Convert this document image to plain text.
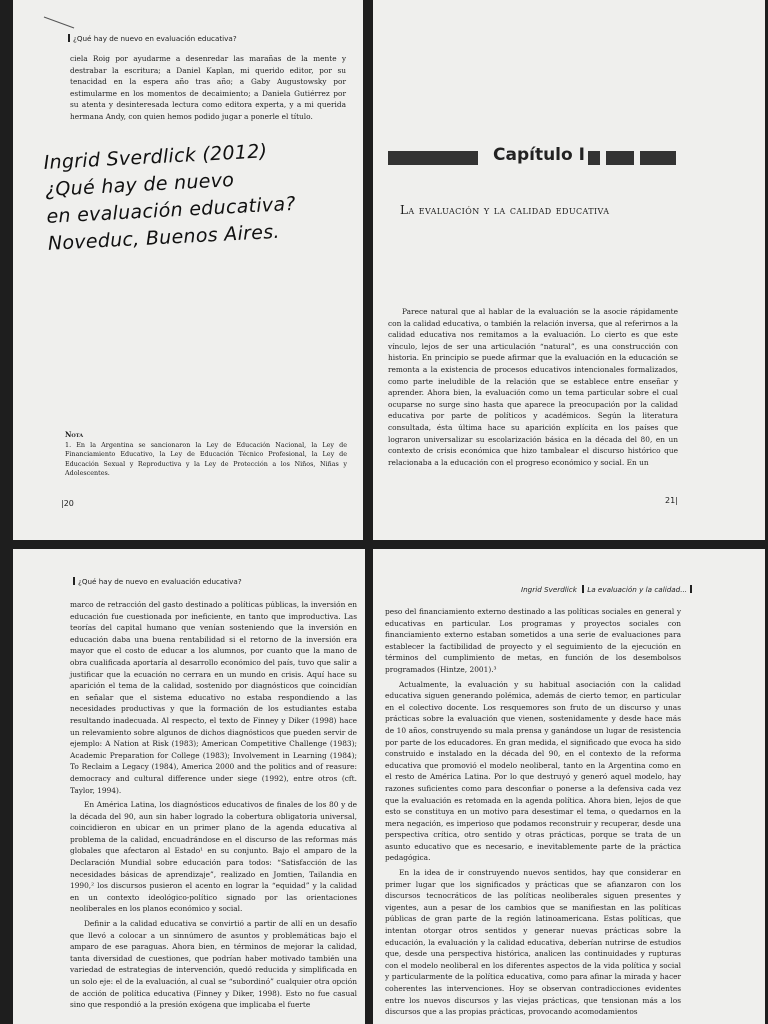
¿Qué hay de nuevo en evaluación educativa?

ciela Roig por ayudarme a desenredar las marañas de la mente y destrabar la escritura; a Daniel Kaplan, mi querido editor, por su tenacidad en la espera año tras año; a Gaby Augustowsky por estimularme en los momentos de decaimiento; a Daniela Gutiérrez por su atenta y desinteresada lectura como editora experta, y a mi querida hermana Andy, con quien hemos podido jugar a ponerle el título.

Ingrid Sverdlick (2012)
¿Qué hay de nuevo
en evaluación educativa?
Noveduc, Buenos Aires.
Nota
1. En la Argentina se sancionaron la Ley de Educación Nacional, la Ley de Financiamiento Educativo, la Ley de Educación Técnico Profesional, la Ley de Educación Sexual y Reproductiva y la Ley de Protección a los Niños, Niñas y Adolescentes.
|20
Capítulo I
La evaluación y la calidad educativa

Parece natural que al hablar de la evaluación se la asocie rápidamente con la calidad educativa, o también la relación inversa, que al referirnos a la calidad educativa nos remitamos a la evaluación. Lo cierto es que este vínculo, lejos de ser una articulación “natural”, es una construcción con historia. En principio se puede afirmar que la evaluación en la educación se remonta a la existencia de procesos educativos intencionales formalizados, como parte ineludible de la relación que se establece entre enseñar y aprender. Ahora bien, la evaluación como un tema particular sobre el cual ocuparse no surge sino hasta que aparece la preocupación por la calidad educativa por parte de políticos y académicos. Según la literatura consultada, ésta última hace su aparición explícita en los países que lograron universalizar su escolarización básica en la década del 80, en un contexto de crisis económica que hizo tambalear el discurso histórico que relacionaba a la educación con el progreso económico y social. En un

21|
¿Qué hay de nuevo en evaluación educativa?

marco de retracción del gasto destinado a políticas públicas, la inversión en educación fue cuestionada por ineficiente, en tanto que improductiva. Las teorías del capital humano que venían sosteniendo que la inversión en educación daba una buena rentabilidad si el retorno de la inversión era mayor que el costo de educar a los alumnos, por cuanto que la mano de obra cualificada aportaría al desarrollo económico del país, tuvo que salir a justificar que la ecuación no cerrara en un mundo en crisis. Aquí hace su aparición el tema de la calidad, sostenido por diagnósticos que coincidían en señalar que el sistema educativo no estaba respondiendo a las necesidades productivas y que la formación de los estudiantes estaba resultando inadecuada. Al respecto, el texto de Finney y Diker (1998) hace un relevamiento sobre algunos de dichos diagnósticos que pueden servir de ejemplo: A Nation at Risk (1983); American Competitive Challenge (1983); Academic Preparation for College (1983); Involvement in Learning (1984); To Reclaim a Legacy (1984), America 2000 and the politics and of reasure: democracy and cultural difference under siege (1992), entre otros (cft. Taylor, 1994).

En América Latina, los diagnósticos educativos de finales de los 80 y de la década del 90, aun sin haber logrado la cobertura obligatoria universal, coincidieron en ubicar en un primer plano de la agenda educativa al problema de la calidad, encuadrándose en el discurso de las reformas más globales que afectaron al Estado¹ en su conjunto. Bajo el amparo de la Declaración Mundial sobre educación para todos: “Satisfacción de las necesidades básicas de aprendizaje”, realizado en Jomtien, Tailandia en 1990,² los discursos pusieron el acento en lograr la “equidad” y la calidad en un contexto ideológico-político signado por las orientaciones neoliberales en los planos económico y social.

Definir a la calidad educativa se convirtió a partir de allí en un desafío que llevó a colocar a un sinnúmero de asuntos y problemáticas bajo el amparo de ese paraguas. Ahora bien, en términos de mejorar la calidad, tanta diversidad de cuestiones, que podrían haber motivado también una variedad de estrategias de intervención, quedó reducida y simplificada en un solo eje: el de la evaluación, al cual se “subordinó” cualquier otra opción de acción de política educativa (Finney y Diker, 1998). Esto no fue casual sino que respondió a la presión exógena que implicaba el fuerte

Ingrid Sverdlick La evaluación y la calidad...

peso del financiamiento externo destinado a las políticas sociales en general y educativas en particular. Los programas y proyectos sociales con financiamiento externo estaban sometidos a una serie de evaluaciones para establecer la factibilidad de proyecto y el seguimiento de la ejecución en términos del cumplimiento de metas, en función de los desembolsos programados (Hintze, 2001).³

Actualmente, la evaluación y su habitual asociación con la calidad educativa siguen generando polémica, además de cierto temor, en particular en el colectivo docente. Los resquemores son fruto de un discurso y unas prácticas sobre la evaluación que vienen, sostenidamente y desde hace más de 10 años, construyendo su mala prensa y ganándose un lugar de resistencia por parte de los educadores. En gran medida, el significado que evoca ha sido construido e instalado en la década del 90, en el contexto de la reforma educativa que promovió el modelo neoliberal, tanto en la Argentina como en el resto de América Latina. Por lo que destruyó y generó aquel modelo, hay razones suficientes como para desconfiar o ponerse a la defensiva cada vez que la evaluación es retomada en la agenda política. Ahora bien, lejos de que esto se constituya en un motivo para desestimar el tema, o quedarnos en la mera negación, es imperioso que podamos reconstruir y recuperar, desde una perspectiva crítica, otro sentido y otras prácticas, porque se trata de un asunto educativo que es necesario, e inevitablemente parte de la práctica pedagógica.

En la idea de ir construyendo nuevos sentidos, hay que considerar en primer lugar que los significados y prácticas que se afianzaron con los discursos tecnocráticos de las políticas neoliberales siguen presentes y vigentes, aun a pesar de los cambios que se manifiestan en las políticas públicas de gran parte de la región latinoamericana. Estas políticas, que intentan otorgar otros sentidos y generar nuevas prácticas sobre la educación, la evaluación y la calidad educativa, deberían nutrirse de estudios que, desde una perspectiva histórica, analicen las continuidades y rupturas con el modelo neoliberal en los diferentes aspectos de la vida política y social y particularmente de la política educativa, como para afinar la mirada y hacer coherentes las intervenciones. Hoy se observan contradicciones evidentes entre los nuevos discursos y las viejas prácticas, que tensionan más a los discursos que a las propias prácticas, provocando acomodamientos
